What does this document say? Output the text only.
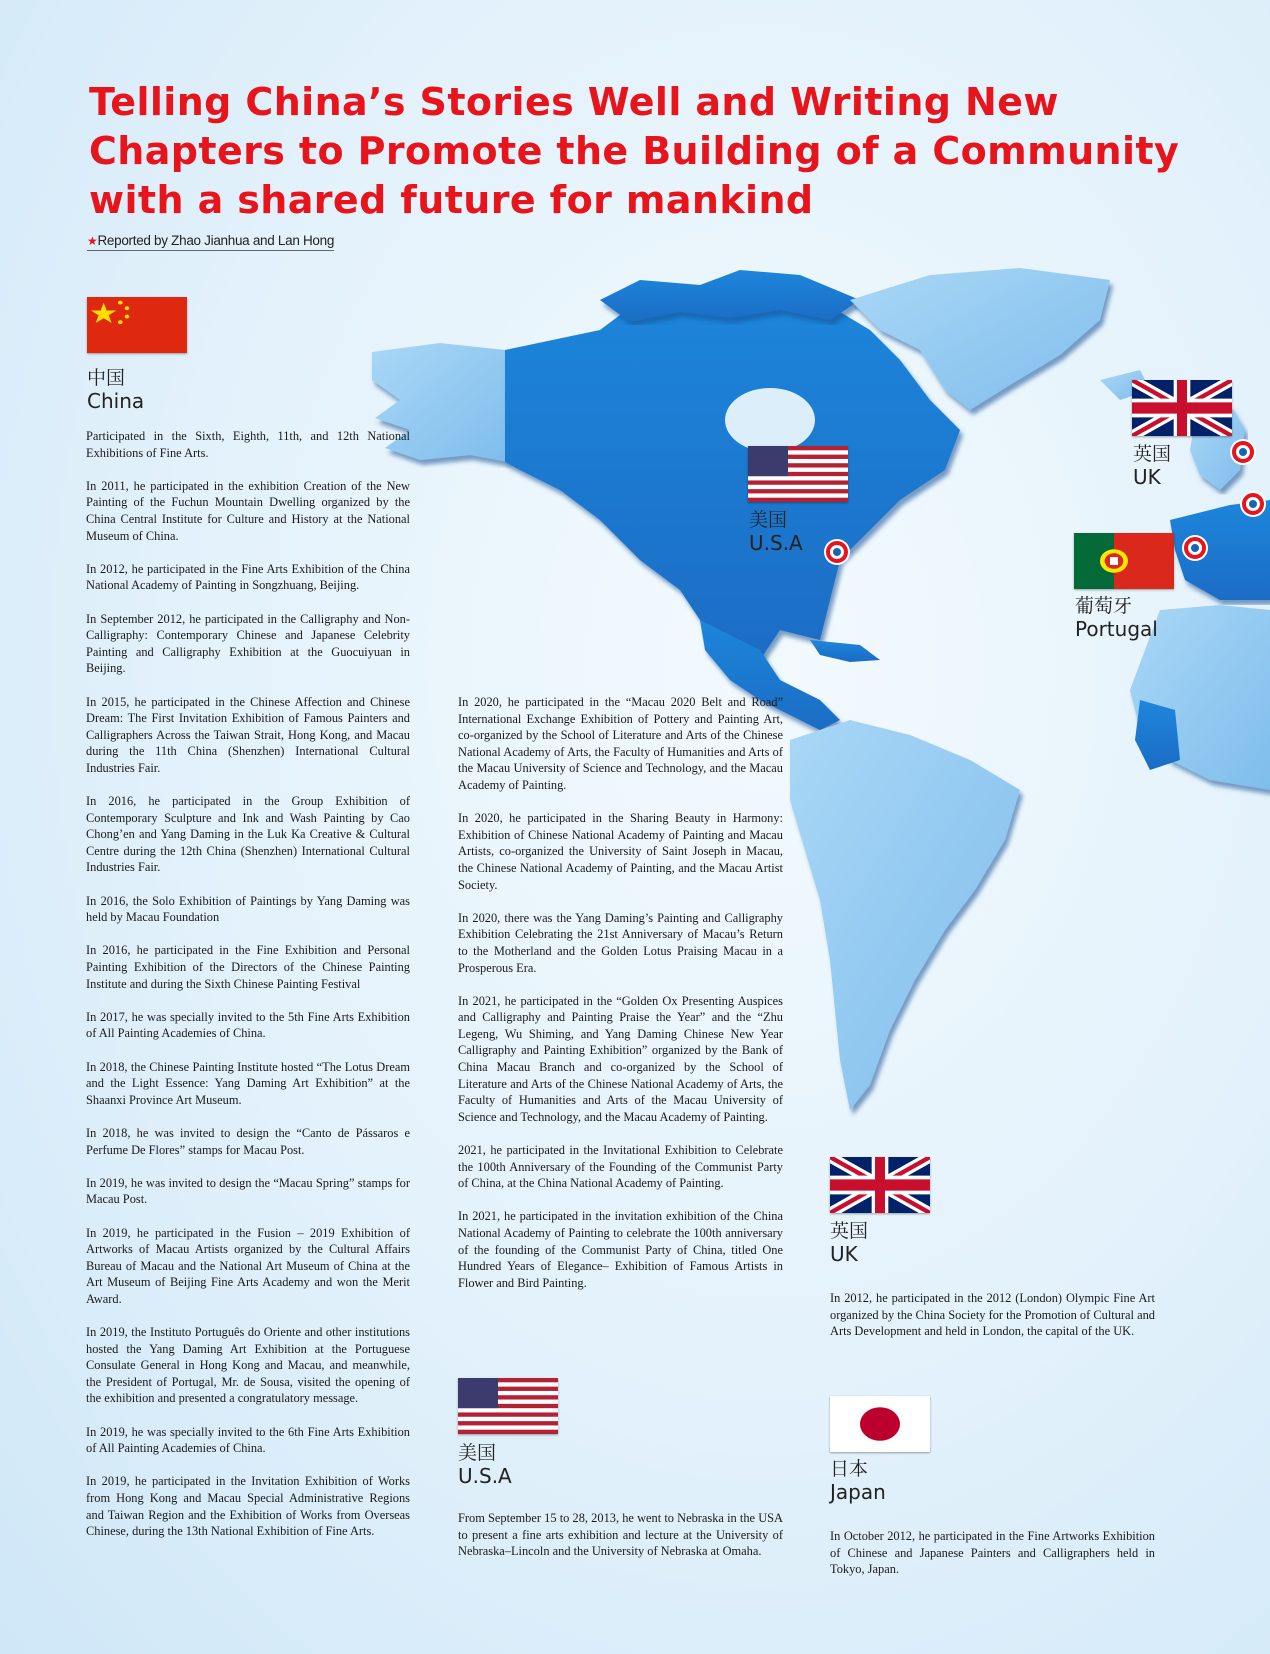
Telling China’s Stories Well and Writing New
Chapters to Promote the Building of a Community
with a shared future for mankind
★Reported by Zhao Jianhua and Lan Hong
中国
China

Participated in the Sixth, Eighth, 11th, and 12th National Exhibitions of Fine Arts.

In 2011, he participated in the exhibition Creation of the New Painting of the Fuchun Mountain Dwelling organized by the China Central Institute for Culture and History at the National Museum of China.

In 2012, he participated in the Fine Arts Exhibition of the China National Academy of Painting in Songzhuang, Beijing.

In September 2012, he participated in the Calligraphy and Non-Calligraphy: Contemporary Chinese and Japanese Celebrity Painting and Calligraphy Exhibition at the Guocuiyuan in Beijing.

In 2015, he participated in the Chinese Affection and Chinese Dream: The First Invitation Exhibition of Famous Painters and Calligraphers Across the Taiwan Strait, Hong Kong, and Macau during the 11th China (Shenzhen) International Cultural Industries Fair.

In 2016, he participated in the Group Exhibition of Contemporary Sculpture and Ink and Wash Painting by Cao Chong’en and Yang Daming in the Luk Ka Creative & Cultural Centre during the 12th China (Shenzhen) International Cultural Industries Fair.

In 2016, the Solo Exhibition of Paintings by Yang Daming was held by Macau Foundation

In 2016, he participated in the Fine Exhibition and Personal Painting Exhibition of the Directors of the Chinese Painting Institute and during the Sixth Chinese Painting Festival

In 2017, he was specially invited to the 5th Fine Arts Exhibition of All Painting Academies of China.

In 2018, the Chinese Painting Institute hosted “The Lotus Dream and the Light Essence: Yang Daming Art Exhibition” at the Shaanxi Province Art Museum.

In 2018, he was invited to design the “Canto de Pássaros e Perfume De Flores” stamps for Macau Post.

In 2019, he was invited to design the “Macau Spring” stamps for Macau Post.

In 2019, he participated in the Fusion – 2019 Exhibition of Artworks of Macau Artists organized by the Cultural Affairs Bureau of Macau and the National Art Museum of China at the Art Museum of Beijing Fine Arts Academy and won the Merit Award.

In 2019, the Instituto Português do Oriente and other institutions hosted the Yang Daming Art Exhibition at the Portuguese Consulate General in Hong Kong and Macau, and meanwhile, the President of Portugal, Mr. de Sousa, visited the opening of the exhibition and presented a congratulatory message.

In 2019, he was specially invited to the 6th Fine Arts Exhibition of All Painting Academies of China.

In 2019, he participated in the Invitation Exhibition of Works from Hong Kong and Macau Special Administrative Regions and Taiwan Region and the Exhibition of Works from Overseas Chinese, during the 13th National Exhibition of Fine Arts.

In 2020, he participated in the “Macau 2020 Belt and Road” International Exchange Exhibition of Pottery and Painting Art, co-organized by the School of Literature and Arts of the Chinese National Academy of Arts, the Faculty of Humanities and Arts of the Macau University of Science and Technology, and the Macau Academy of Painting.

In 2020, he participated in the Sharing Beauty in Harmony: Exhibition of Chinese National Academy of Painting and Macau Artists, co-organized the University of Saint Joseph in Macau, the Chinese National Academy of Painting, and the Macau Artist Society.

In 2020, there was the Yang Daming’s Painting and Calligraphy Exhibition Celebrating the 21st Anniversary of Macau’s Return to the Motherland and the Golden Lotus Praising Macau in a Prosperous Era.

In 2021, he participated in the “Golden Ox Presenting Auspices and Calligraphy and Painting Praise the Year” and the “Zhu Legeng, Wu Shiming, and Yang Daming Chinese New Year Calligraphy and Painting Exhibition” organized by the Bank of China Macau Branch and co-organized by the School of Literature and Arts of the Chinese National Academy of Arts, the Faculty of Humanities and Arts of the Macau University of Science and Technology, and the Macau Academy of Painting.

2021, he participated in the Invitational Exhibition to Celebrate the 100th Anniversary of the Founding of the Communist Party of China, at the China National Academy of Painting.

In 2021, he participated in the invitation exhibition of the China National Academy of Painting to celebrate the 100th anniversary of the founding of the Communist Party of China, titled One Hundred Years of Elegance– Exhibition of Famous Artists in Flower and Bird Painting.

美国
U.S.A

From September 15 to 28, 2013, he went to Nebraska in the USA to present a fine arts exhibition and lecture at the University of Nebraska–Lincoln and the University of Nebraska at Omaha.

英国
UK

In 2012, he participated in the 2012 (London) Olympic Fine Art organized by the China Society for the Promotion of Cultural and Arts Development and held in London, the capital of the UK.

日本
Japan

In October 2012, he participated in the Fine Artworks Exhibition of Chinese and Japanese Painters and Calligraphers held in Tokyo, Japan.

美国
U.S.A
英国
UK
葡萄牙
Portugal
